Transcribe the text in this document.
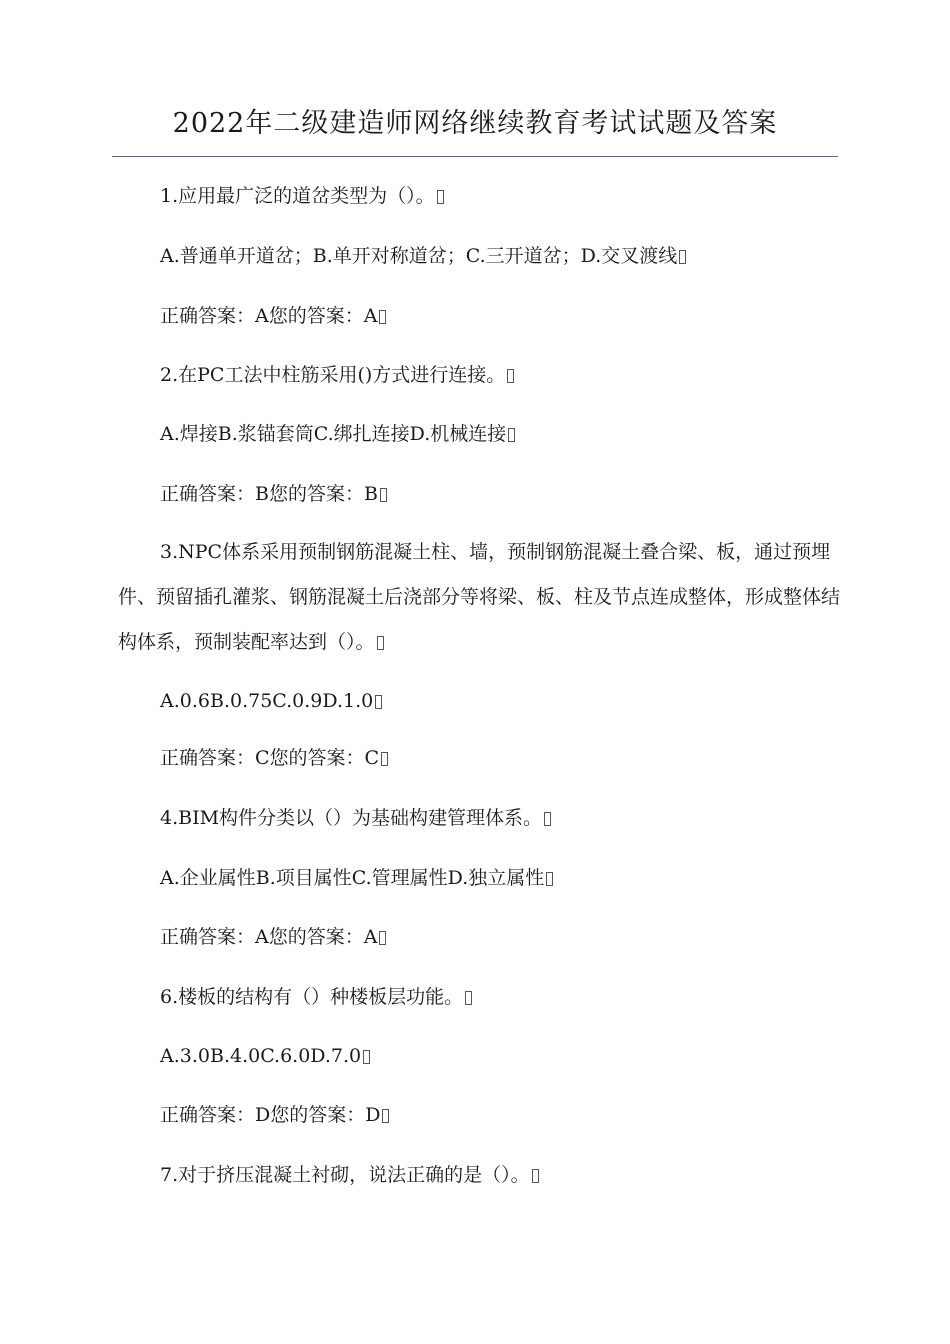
2022年二级建造师网络继续教育考试试题及答案
1.应用最广泛的道岔类型为（）。
A.普通单开道岔；B.单开对称道岔；C.三开道岔；D.交叉渡线
正确答案：A您的答案：A
2.在PC工法中柱筋采用()方式进行连接。
A.焊接B.浆锚套筒C.绑扎连接D.机械连接
正确答案：B您的答案：B
3.NPC体系采用预制钢筋混凝土柱、墙，预制钢筋混凝土叠合梁、板，通过预埋件、预留插孔灌浆、钢筋混凝土后浇部分等将梁、板、柱及节点连成整体，形成整体结构体系，预制装配率达到（）。
A.0.6B.0.75C.0.9D.1.0
正确答案：C您的答案：C
4.BIM构件分类以（）为基础构建管理体系。
A.企业属性B.项目属性C.管理属性D.独立属性
正确答案：A您的答案：A
6.楼板的结构有（）种楼板层功能。
A.3.0B.4.0C.6.0D.7.0
正确答案：D您的答案：D
7.对于挤压混凝土衬砌，说法正确的是（）。
